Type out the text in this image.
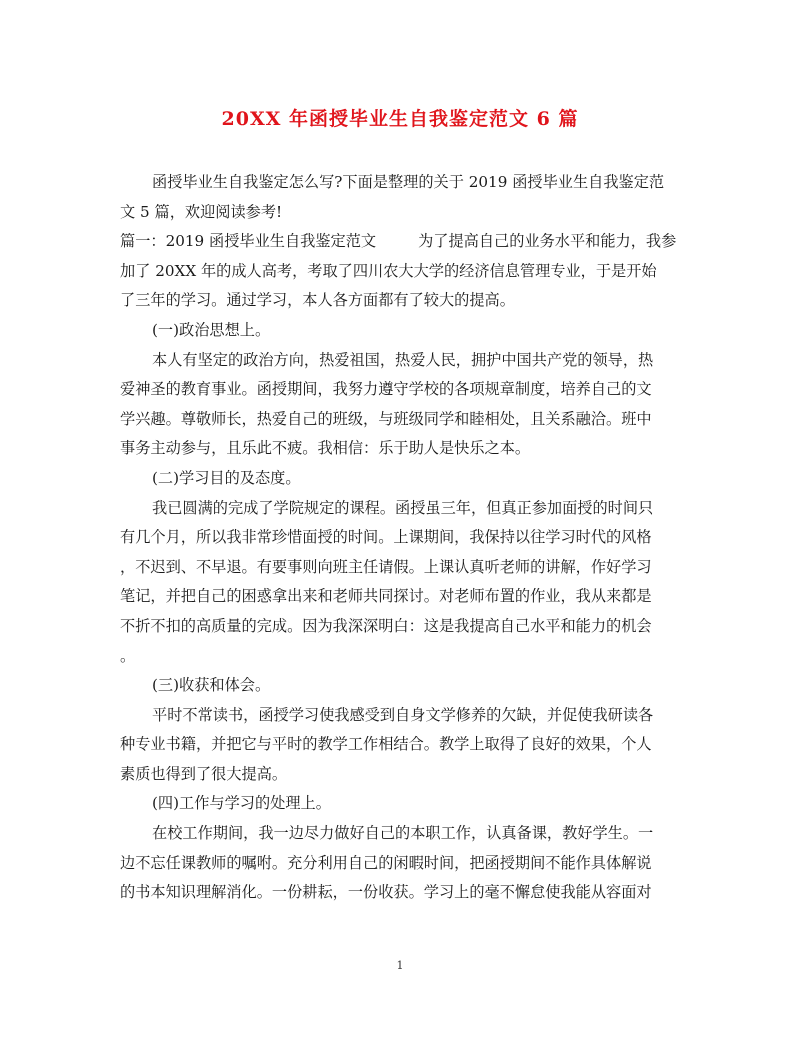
20XX 年函授毕业生自我鉴定范文 6 篇
函授毕业生自我鉴定怎么写?下面是整理的关于 2019 函授毕业生自我鉴定范
文 5 篇，欢迎阅读参考!
篇一：2019 函授毕业生自我鉴定范文	为了提高自己的业务水平和能力，我参
加了 20XX 年的成人高考，考取了四川农大大学的经济信息管理专业，于是开始
了三年的学习。通过学习，本人各方面都有了较大的提高。
(一)政治思想上。
本人有坚定的政治方向，热爱祖国，热爱人民，拥护中国共产党的领导，热
爱神圣的教育事业。函授期间，我努力遵守学校的各项规章制度，培养自己的文
学兴趣。尊敬师长，热爱自己的班级，与班级同学和睦相处，且关系融洽。班中
事务主动参与，且乐此不疲。我相信：乐于助人是快乐之本。
(二)学习目的及态度。
我已圆满的完成了学院规定的课程。函授虽三年，但真正参加面授的时间只
有几个月，所以我非常珍惜面授的时间。上课期间，我保持以往学习时代的风格
，不迟到、不早退。有要事则向班主任请假。上课认真听老师的讲解，作好学习
笔记，并把自己的困惑拿出来和老师共同探讨。对老师布置的作业，我从来都是
不折不扣的高质量的完成。因为我深深明白：这是我提高自己水平和能力的机会
。
(三)收获和体会。
平时不常读书，函授学习使我感受到自身文学修养的欠缺，并促使我研读各
种专业书籍，并把它与平时的教学工作相结合。教学上取得了良好的效果，个人
素质也得到了很大提高。
(四)工作与学习的处理上。
在校工作期间，我一边尽力做好自己的本职工作，认真备课，教好学生。一
边不忘任课教师的嘱咐。充分利用自己的闲暇时间，把函授期间不能作具体解说
的书本知识理解消化。一份耕耘，一份收获。学习上的毫不懈怠使我能从容面对
1
